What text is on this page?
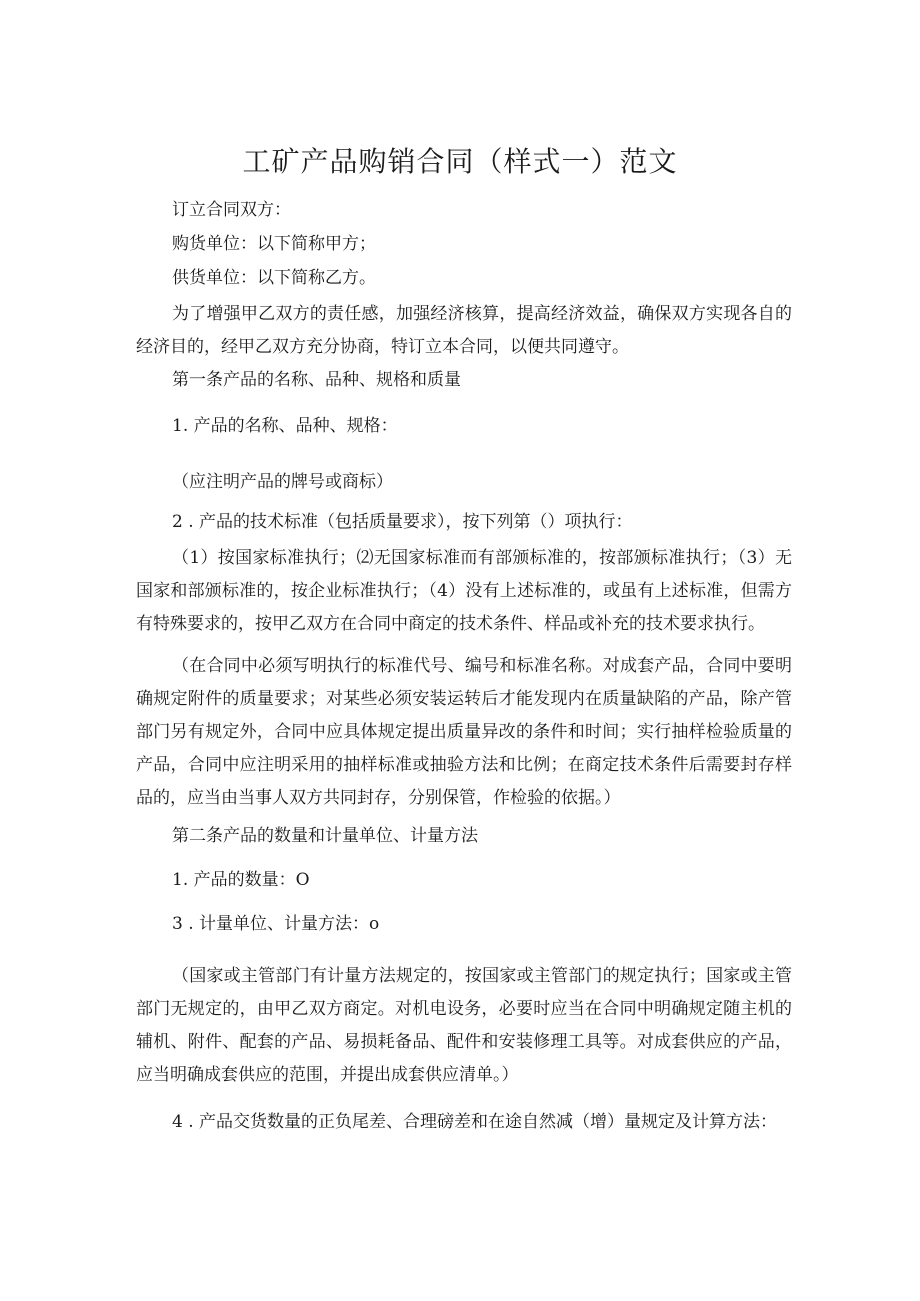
工矿产品购销合同（样式一）范文

订立合同双方：

购货单位：以下简称甲方；

供货单位：以下简称乙方。

为了增强甲乙双方的责任感，加强经济核算，提高经济效益，确保双方实现各自的经济目的，经甲乙双方充分协商，特订立本合同，以便共同遵守。

第一条产品的名称、品种、规格和质量

1. 产品的名称、品种、规格：

（应注明产品的牌号或商标）

2 . 产品的技术标准（包括质量要求），按下列第（）项执行：

（1）按国家标准执行；⑵无国家标准而有部颁标准的，按部颁标准执行；（3）无国家和部颁标准的，按企业标准执行；（4）没有上述标准的，或虽有上述标准，但需方有特殊要求的，按甲乙双方在合同中商定的技术条件、样品或补充的技术要求执行。

（在合同中必须写明执行的标准代号、编号和标准名称。对成套产品，合同中要明确规定附件的质量要求；对某些必须安装运转后才能发现内在质量缺陷的产品，除产管部门另有规定外，合同中应具体规定提出质量异改的条件和时间；实行抽样检验质量的产品，合同中应注明采用的抽样标准或抽验方法和比例；在商定技术条件后需要封存样品的，应当由当事人双方共同封存，分别保管，作检验的依据。）

第二条产品的数量和计量单位、计量方法

1. 产品的数量：O

3 . 计量单位、计量方法：o

（国家或主管部门有计量方法规定的，按国家或主管部门的规定执行；国家或主管部门无规定的，由甲乙双方商定。对机电设务，必要时应当在合同中明确规定随主机的辅机、附件、配套的产品、易损耗备品、配件和安装修理工具等。对成套供应的产品，应当明确成套供应的范围，并提出成套供应清单。）

4 . 产品交货数量的正负尾差、合理磅差和在途自然减（增）量规定及计算方法：
